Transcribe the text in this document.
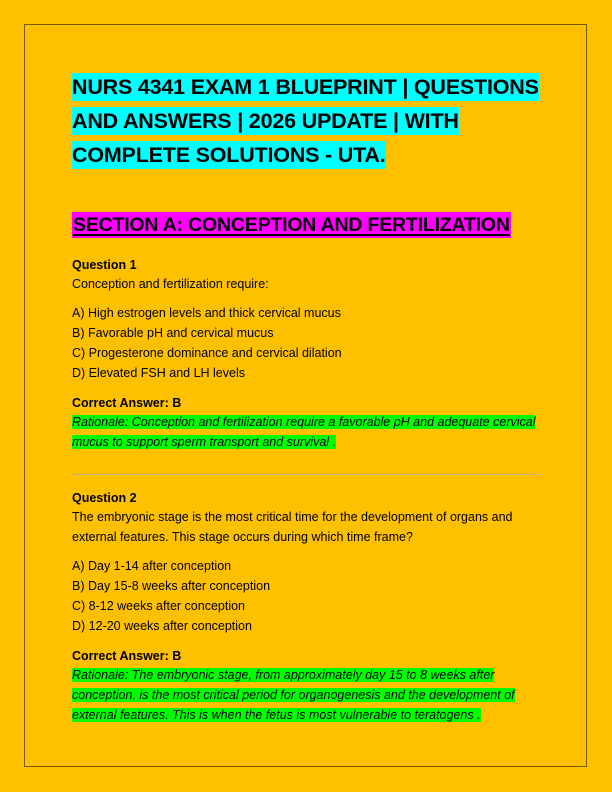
NURS 4341 EXAM 1 BLUEPRINT | QUESTIONS AND ANSWERS | 2026 UPDATE | WITH COMPLETE SOLUTIONS - UTA.
SECTION A: CONCEPTION AND FERTILIZATION

Question 1

Conception and fertilization require:

A) High estrogen levels and thick cervical mucus
B) Favorable pH and cervical mucus
C) Progesterone dominance and cervical dilation
D) Elevated FSH and LH levels

Correct Answer: B

Rationale: Conception and fertilization require a favorable pH and adequate cervical mucus to support sperm transport and survival .

Question 2

The embryonic stage is the most critical time for the development of organs and external features. This stage occurs during which time frame?

A) Day 1-14 after conception
B) Day 15-8 weeks after conception
C) 8-12 weeks after conception
D) 12-20 weeks after conception

Correct Answer: B

Rationale: The embryonic stage, from approximately day 15 to 8 weeks after conception, is the most critical period for organogenesis and the development of external features. This is when the fetus is most vulnerable to teratogens .
